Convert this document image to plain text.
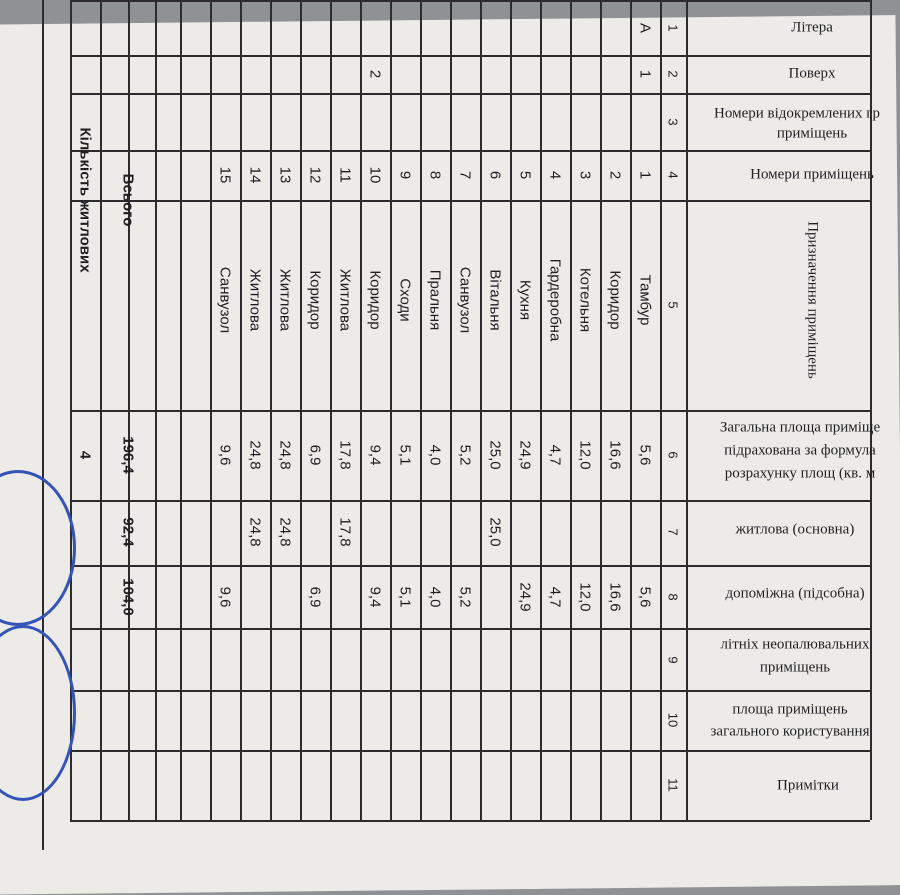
Літера
Поверх
Номери відокремлених гр
приміщень
Номери приміщень
Призначення приміщень
Загальна площа приміще
підрахована за формула
розрахунку площ (кв. м
житлова (основна)
допоміжна (підсобна)
літніх неопалювальних
приміщень
площа приміщень
загального користування
Примітки
1
2
3
4
5
6
7
8
9
10
11
А
1
2
1
Тамбур
5,6
5,6
2
Коридор
16,6
16,6
3
Котельня
12,0
12,0
4
Гардеробна
4,7
4,7
5
Кухня
24,9
24,9
6
Вітальня
25,0
25,0
7
Санвузол
5,2
5,2
8
Пральня
4,0
4,0
9
Сходи
5,1
5,1
10
Коридор
9,4
9,4
11
Житлова
17,8
17,8
12
Коридор
6,9
6,9
13
Житлова
24,8
24,8
14
Житлова
24,8
24,8
15
Санвузол
9,6
9,6
Всього
196,4
92,4
104,0
Кількість житлових
4
